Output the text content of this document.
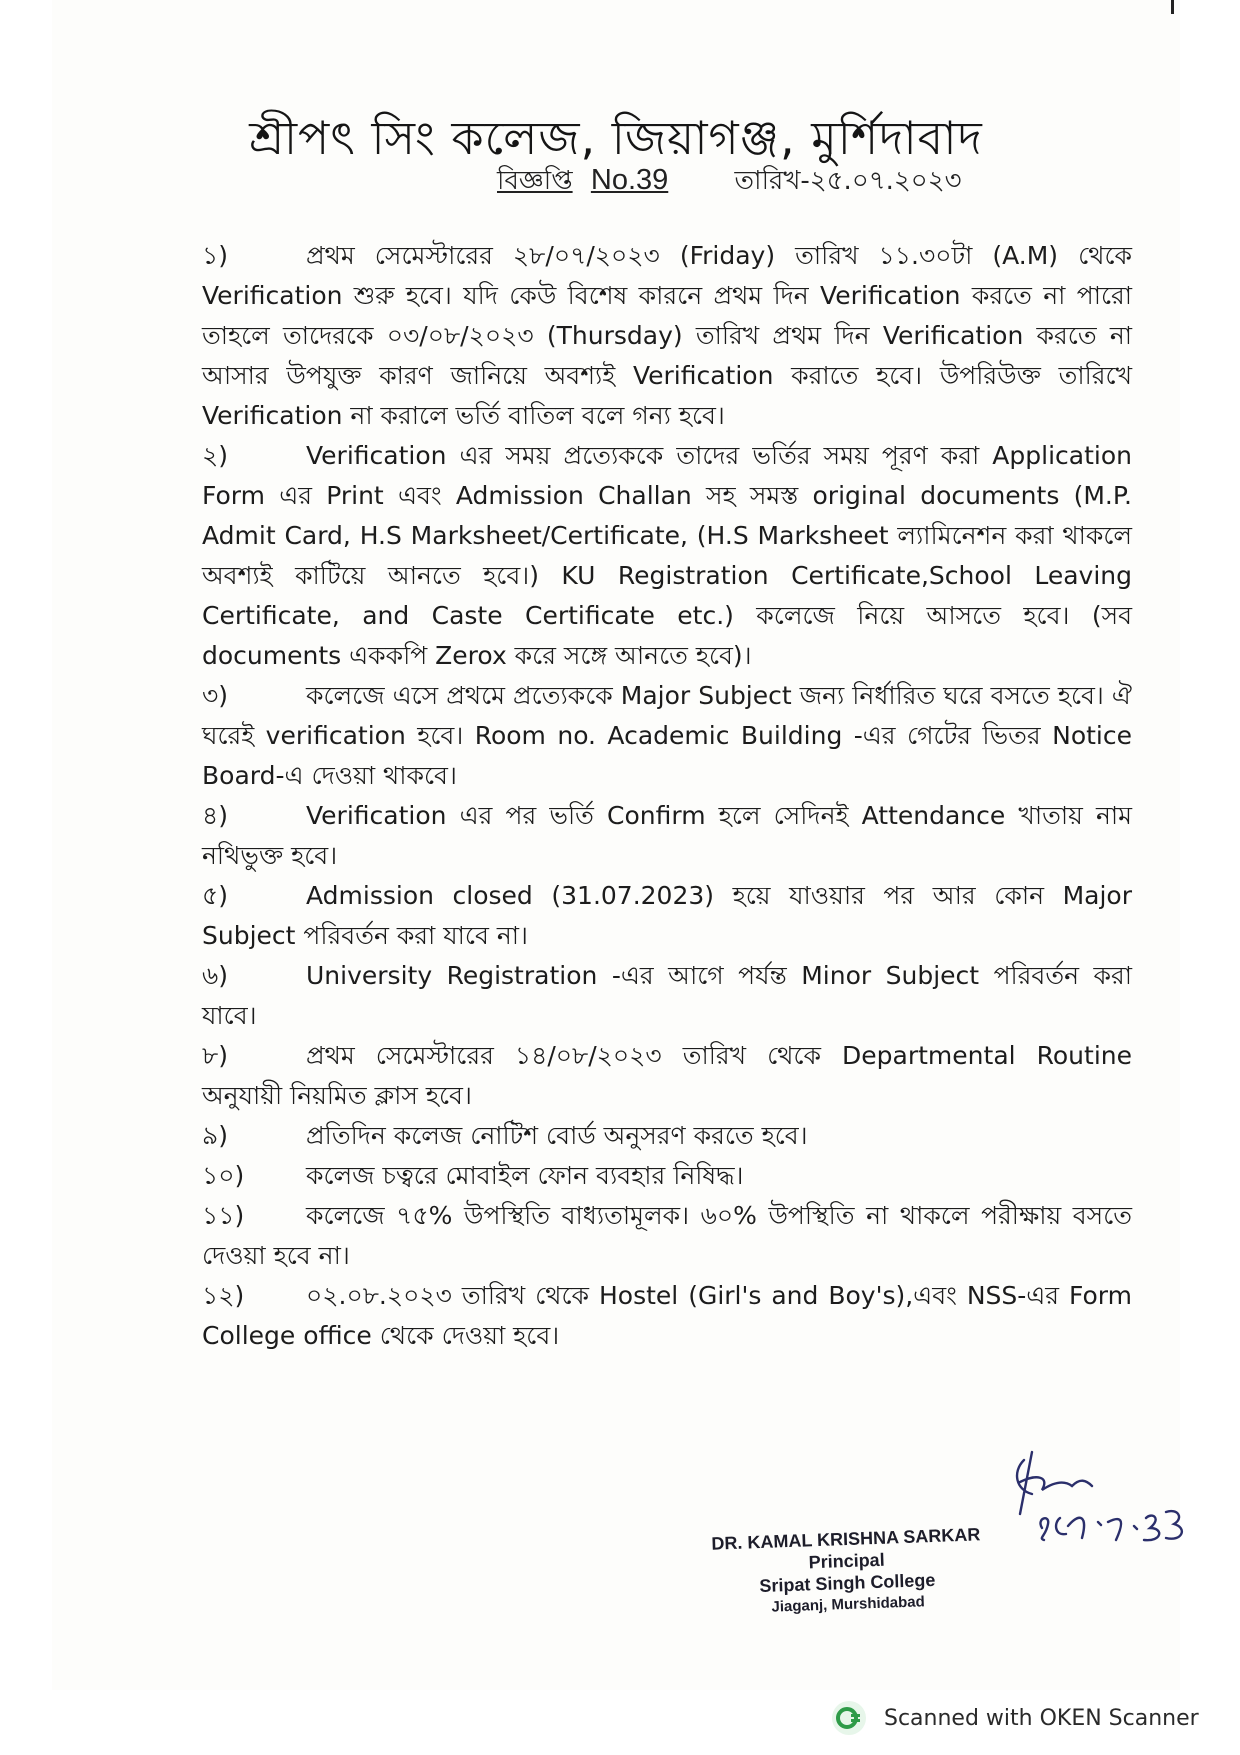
শ্রীপৎ সিং কলেজ, জিয়াগঞ্জ, মুর্শিদাবাদ
বিজ্ঞপ্তি No.39	তারিখ-২৫.০৭.২০২৩

১)	প্রথম সেমেস্টারের ২৮/০৭/২০২৩ (Friday) তারিখ ১১.৩০টা (A.M) থেকে Verification শুরু হবে। যদি কেউ বিশেষ কারনে প্রথম দিন Verification করতে না পারো তাহলে তাদেরকে ০৩/০৮/২০২৩ (Thursday) তারিখ প্রথম দিন Verification করতে না আসার উপযুক্ত কারণ জানিয়ে অবশ্যই Verification করাতে হবে। উপরিউক্ত তারিখে Verification না করালে ভর্তি বাতিল বলে গন্য হবে।

২)	Verification এর সময় প্রত্যেককে তাদের ভর্তির সময় পূরণ করা Application Form এর Print এবং Admission Challan সহ সমস্ত original documents (M.P. Admit Card, H.S Marksheet/Certificate, (H.S Marksheet ল্যামিনেশন করা থাকলে অবশ্যই কাটিয়ে আনতে হবে।) KU Registration Certificate,School Leaving Certificate, and Caste Certificate etc.) কলেজে নিয়ে আসতে হবে। (সব documents এককপি Zerox করে সঙ্গে আনতে হবে)।

৩)	কলেজে এসে প্রথমে প্রত্যেককে Major Subject জন্য নির্ধারিত ঘরে বসতে হবে। ঐ ঘরেই verification হবে। Room no. Academic Building -এর গেটের ভিতর Notice Board-এ দেওয়া থাকবে।

৪)	Verification এর পর ভর্তি Confirm হলে সেদিনই Attendance খাতায় নাম নথিভুক্ত হবে।

৫)	Admission closed (31.07.2023) হয়ে যাওয়ার পর আর কোন Major Subject পরিবর্তন করা যাবে না।

৬)	University Registration -এর আগে পর্যন্ত Minor Subject পরিবর্তন করা যাবে।

৮)	প্রথম সেমেস্টারের ১৪/০৮/২০২৩ তারিখ থেকে Departmental Routine অনুযায়ী নিয়মিত ক্লাস হবে।

৯)	প্রতিদিন কলেজ নোটিশ বোর্ড অনুসরণ করতে হবে।

১০) কলেজ চত্বরে মোবাইল ফোন ব্যবহার নিষিদ্ধ।

১১) কলেজে ৭৫% উপস্থিতি বাধ্যতামূলক। ৬০% উপস্থিতি না থাকলে পরীক্ষায় বসতে দেওয়া হবে না।

১২) ০২.০৮.২০২৩ তারিখ থেকে Hostel (Girl's and Boy's),এবং NSS-এর Form College office থেকে দেওয়া হবে।

DR. KAMAL KRISHNA SARKAR
Principal
Sripat Singh College
Jiaganj, Murshidabad
Scanned with OKEN Scanner
